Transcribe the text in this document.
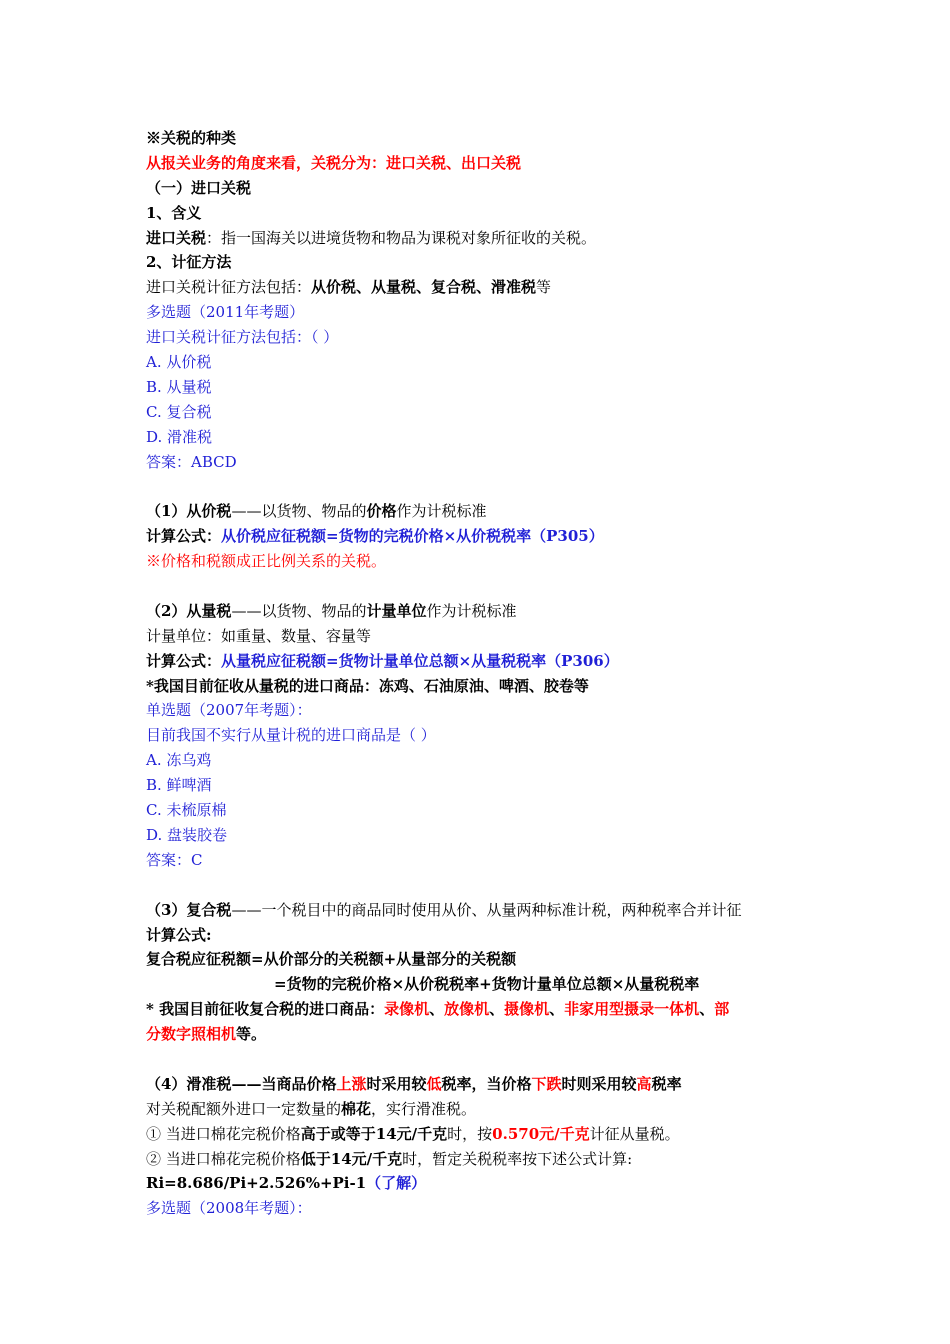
※关税的种类
从报关业务的角度来看，关税分为：进口关税、出口关税
（一）进口关税
1、含义
进口关税：指一国海关以进境货物和物品为课税对象所征收的关税。
2、计征方法
进口关税计征方法包括：从价税、从量税、复合税、滑准税等
多选题（2011年考题）
进口关税计征方法包括：（ ）
A. 从价税
B. 从量税
C. 复合税
D. 滑准税
答案：ABCD
（1）从价税——以货物、物品的价格作为计税标准
计算公式：从价税应征税额=货物的完税价格×从价税税率（P305）
※价格和税额成正比例关系的关税。
（2）从量税——以货物、物品的计量单位作为计税标准
计量单位：如重量、数量、容量等
计算公式：从量税应征税额=货物计量单位总额×从量税税率（P306）
*我国目前征收从量税的进口商品：冻鸡、石油原油、啤酒、胶卷等
单选题（2007年考题）：
目前我国不实行从量计税的进口商品是（ ）
A. 冻乌鸡
B. 鲜啤酒
C. 未梳原棉
D. 盘装胶卷
答案：C
（3）复合税——一个税目中的商品同时使用从价、从量两种标准计税，两种税率合并计征
计算公式:
复合税应征税额=从价部分的关税额+从量部分的关税额
=货物的完税价格×从价税税率+货物计量单位总额×从量税税率
* 我国目前征收复合税的进口商品：录像机、放像机、摄像机、非家用型摄录一体机、部
分数字照相机等。
（4）滑准税——当商品价格上涨时采用较低税率，当价格下跌时则采用较高税率
对关税配额外进口一定数量的棉花，实行滑准税。
① 当进口棉花完税价格高于或等于14元/千克时，按0.570元/千克计征从量税。
② 当进口棉花完税价格低于14元/千克时，暂定关税税率按下述公式计算:
Ri=8.686/Pi+2.526%+Pi-1（了解）
多选题（2008年考题）：
